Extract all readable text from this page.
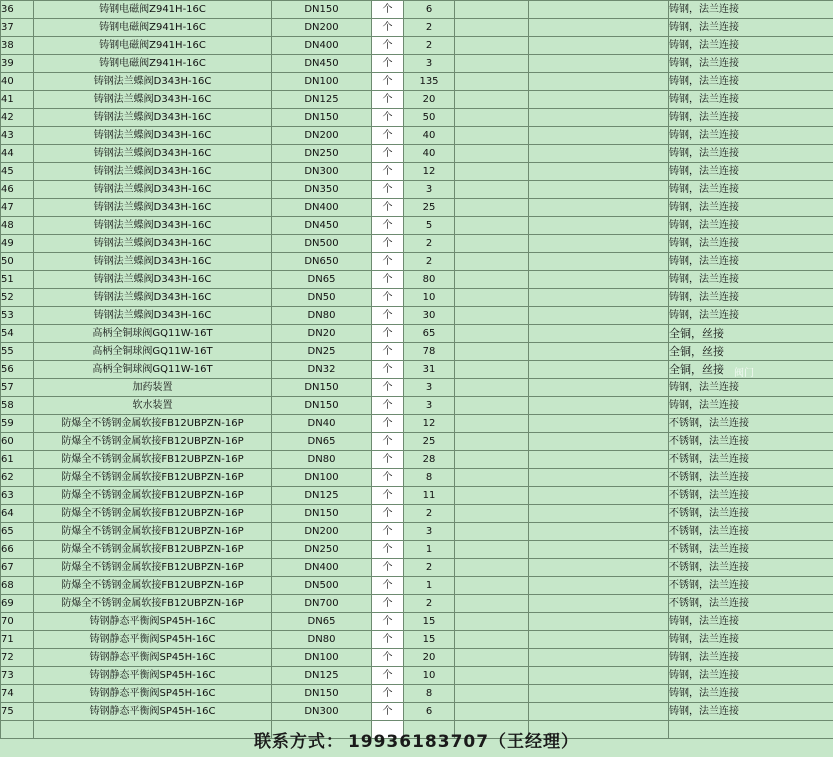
36	铸钢电磁阀Z941H-16C	DN150	个	6			铸钢，法兰连接
37	铸钢电磁阀Z941H-16C	DN200	个	2			铸钢，法兰连接
38	铸钢电磁阀Z941H-16C	DN400	个	2			铸钢，法兰连接
39	铸钢电磁阀Z941H-16C	DN450	个	3			铸钢，法兰连接
40	铸钢法兰蝶阀D343H-16C	DN100	个	135			铸钢，法兰连接
41	铸钢法兰蝶阀D343H-16C	DN125	个	20			铸钢，法兰连接
42	铸钢法兰蝶阀D343H-16C	DN150	个	50			铸钢，法兰连接
43	铸钢法兰蝶阀D343H-16C	DN200	个	40			铸钢，法兰连接
44	铸钢法兰蝶阀D343H-16C	DN250	个	40			铸钢，法兰连接
45	铸钢法兰蝶阀D343H-16C	DN300	个	12			铸钢，法兰连接
46	铸钢法兰蝶阀D343H-16C	DN350	个	3			铸钢，法兰连接
47	铸钢法兰蝶阀D343H-16C	DN400	个	25			铸钢，法兰连接
48	铸钢法兰蝶阀D343H-16C	DN450	个	5			铸钢，法兰连接
49	铸钢法兰蝶阀D343H-16C	DN500	个	2			铸钢，法兰连接
50	铸钢法兰蝶阀D343H-16C	DN650	个	2			铸钢，法兰连接
51	铸钢法兰蝶阀D343H-16C	DN65	个	80			铸钢，法兰连接
52	铸钢法兰蝶阀D343H-16C	DN50	个	10			铸钢，法兰连接
53	铸钢法兰蝶阀D343H-16C	DN80	个	30			铸钢，法兰连接
54	高柄全铜球阀GQ11W-16T	DN20	个	65			全铜，丝接
55	高柄全铜球阀GQ11W-16T	DN25	个	78			全铜，丝接
56	高柄全铜球阀GQ11W-16T	DN32	个	31			全铜，丝接
57	加药装置	DN150	个	3			铸钢，法兰连接
58	软水装置	DN150	个	3			铸钢，法兰连接
59	防爆全不锈钢金属软接FB12UBPZN-16P	DN40	个	12			不锈钢，法兰连接
60	防爆全不锈钢金属软接FB12UBPZN-16P	DN65	个	25			不锈钢，法兰连接
61	防爆全不锈钢金属软接FB12UBPZN-16P	DN80	个	28			不锈钢，法兰连接
62	防爆全不锈钢金属软接FB12UBPZN-16P	DN100	个	8			不锈钢，法兰连接
63	防爆全不锈钢金属软接FB12UBPZN-16P	DN125	个	11			不锈钢，法兰连接
64	防爆全不锈钢金属软接FB12UBPZN-16P	DN150	个	2			不锈钢，法兰连接
65	防爆全不锈钢金属软接FB12UBPZN-16P	DN200	个	3			不锈钢，法兰连接
66	防爆全不锈钢金属软接FB12UBPZN-16P	DN250	个	1			不锈钢，法兰连接
67	防爆全不锈钢金属软接FB12UBPZN-16P	DN400	个	2			不锈钢，法兰连接
68	防爆全不锈钢金属软接FB12UBPZN-16P	DN500	个	1			不锈钢，法兰连接
69	防爆全不锈钢金属软接FB12UBPZN-16P	DN700	个	2			不锈钢，法兰连接
70	铸钢静态平衡阀SP45H-16C	DN65	个	15			铸钢，法兰连接
71	铸钢静态平衡阀SP45H-16C	DN80	个	15			铸钢，法兰连接
72	铸钢静态平衡阀SP45H-16C	DN100	个	20			铸钢，法兰连接
73	铸钢静态平衡阀SP45H-16C	DN125	个	10			铸钢，法兰连接
74	铸钢静态平衡阀SP45H-16C	DN150	个	8			铸钢，法兰连接
75	铸钢静态平衡阀SP45H-16C	DN300	个	6			铸钢，法兰连接

阀门
联系方式： 19936183707（王经理）
